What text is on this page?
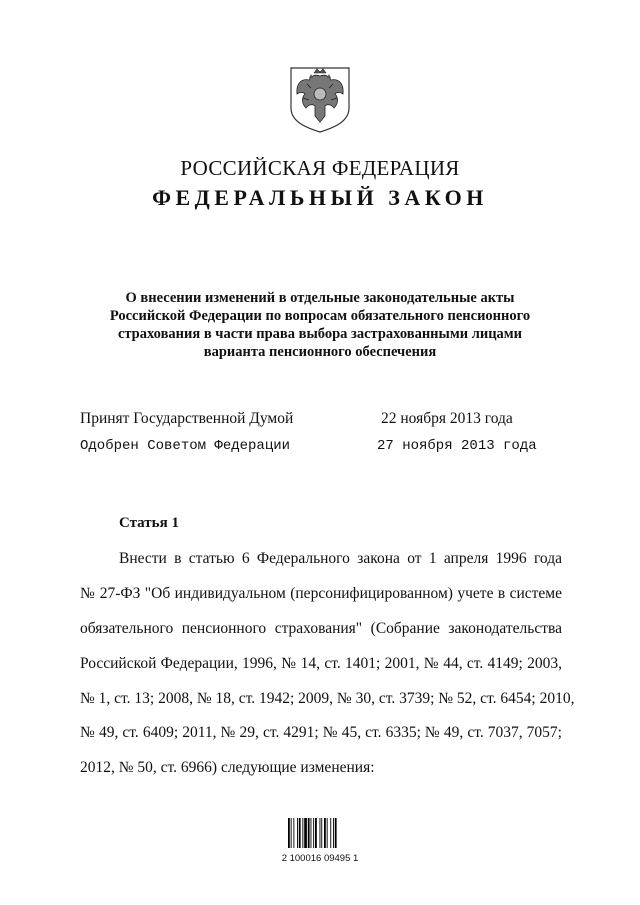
РОССИЙСКАЯ ФЕДЕРАЦИЯ
ФЕДЕРАЛЬНЫЙ ЗАКОН
О внесении изменений в отдельные законодательные акты
Российской Федерации по вопросам обязательного пенсионного
страхования в части права выбора застрахованными лицами
варианта пенсионного обеспечения
Принят Государственной Думой	22 ноября 2013 года
Одобрен Советом Федерации	27 ноября 2013 года
Статья 1
Внести в статью 6 Федерального закона от 1 апреля 1996 года
№ 27-ФЗ "Об индивидуальном (персонифицированном) учете в системе
обязательного пенсионного страхования" (Собрание законодательства
Российской Федерации, 1996, № 14, ст. 1401; 2001, № 44, ст. 4149; 2003,
№ 1, ст. 13; 2008, № 18, ст. 1942; 2009, № 30, ст. 3739; № 52, ст. 6454; 2010,
№ 49, ст. 6409; 2011, № 29, ст. 4291; № 45, ст. 6335; № 49, ст. 7037, 7057;
2012, № 50, ст. 6966) следующие изменения:
2 100016 09495 1
